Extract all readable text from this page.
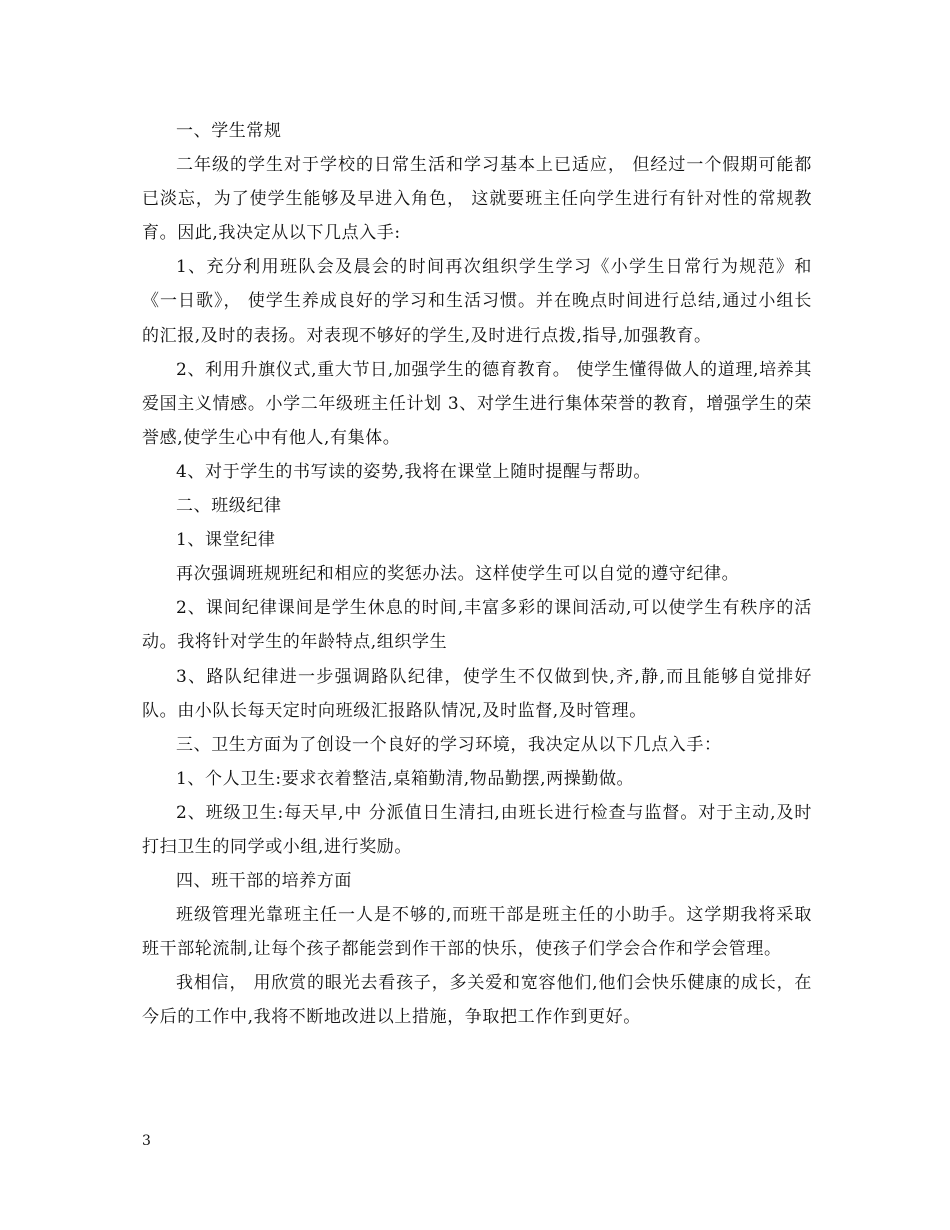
一、学生常规

二年级的学生对于学校的日常生活和学习基本上已适应， 但经过一个假期可能都已淡忘，为了使学生能够及早进入角色， 这就要班主任向学生进行有针对性的常规教育。因此,我决定从以下几点入手:

1、充分利用班队会及晨会的时间再次组织学生学习《小学生日常行为规范》和《一日歌》， 使学生养成良好的学习和生活习惯。并在晚点时间进行总结,通过小组长的汇报,及时的表扬。对表现不够好的学生,及时进行点拨,指导,加强教育。

2、利用升旗仪式,重大节日,加强学生的德育教育。 使学生懂得做人的道理,培养其爱国主义情感。小学二年级班主任计划 3、对学生进行集体荣誉的教育，增强学生的荣誉感,使学生心中有他人,有集体。

4、对于学生的书写读的姿势,我将在课堂上随时提醒与帮助。

二、班级纪律

1、课堂纪律

再次强调班规班纪和相应的奖惩办法。这样使学生可以自觉的遵守纪律。

2、课间纪律课间是学生休息的时间,丰富多彩的课间活动,可以使学生有秩序的活动。我将针对学生的年龄特点,组织学生

3、路队纪律进一步强调路队纪律，使学生不仅做到快,齐,静,而且能够自觉排好队。由小队长每天定时向班级汇报路队情况,及时监督,及时管理。

三、卫生方面为了创设一个良好的学习环境，我决定从以下几点入手：

1、个人卫生:要求衣着整洁,桌箱勤清,物品勤摆,两操勤做。

2、班级卫生:每天早,中 分派值日生清扫,由班长进行检查与监督。对于主动,及时打扫卫生的同学或小组,进行奖励。

四、班干部的培养方面

班级管理光靠班主任一人是不够的,而班干部是班主任的小助手。这学期我将采取班干部轮流制,让每个孩子都能尝到作干部的快乐，使孩子们学会合作和学会管理。

我相信， 用欣赏的眼光去看孩子，多关爱和宽容他们,他们会快乐健康的成长，在今后的工作中,我将不断地改进以上措施，争取把工作作到更好。

3
